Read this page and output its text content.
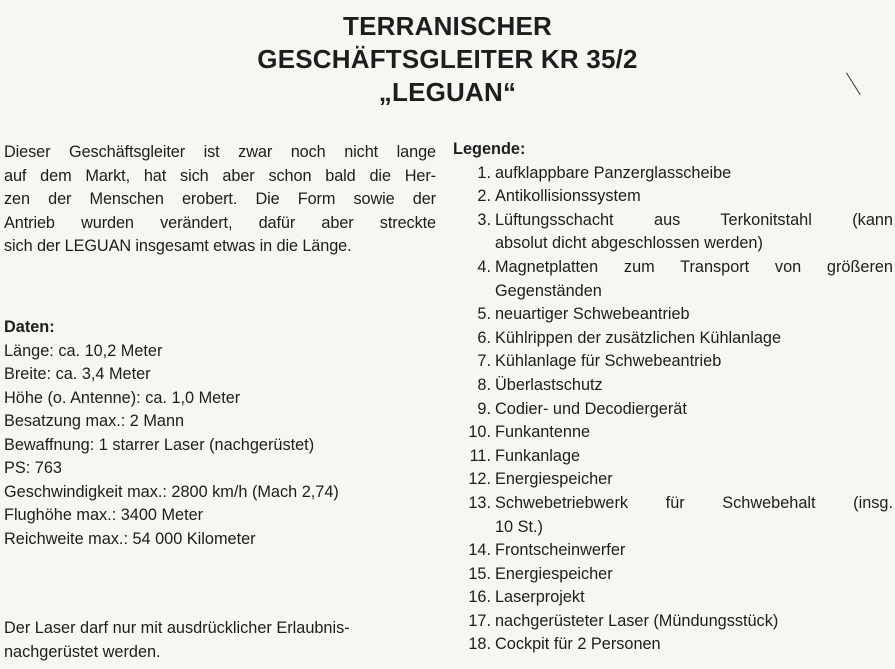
TERRANISCHER
GESCHÄFTSGLEITER KR 35/2
„LEGUAN“
Dieser Geschäftsgleiter ist zwar noch nicht lange
auf dem Markt, hat sich aber schon bald die Her-
zen der Menschen erobert. Die Form sowie der
Antrieb wurden verändert, dafür aber streckte
sich der LEGUAN insgesamt etwas in die Länge.
Daten:
Länge: ca. 10,2 Meter
Breite: ca. 3,4 Meter
Höhe (o. Antenne): ca. 1,0 Meter
Besatzung max.: 2 Mann
Bewaffnung: 1 starrer Laser (nachgerüstet)
PS: 763
Geschwindigkeit max.: 2800 km/h (Mach 2,74)
Flughöhe max.: 3400 Meter
Reichweite max.: 54 000 Kilometer
Der Laser darf nur mit ausdrücklicher Erlaubnis-
nachgerüstet werden.
Legende:
1. aufklappbare Panzerglasscheibe
2. Antikollisionssystem
3. Lüftungsschacht aus Terkonitstahl (kann
absolut dicht abgeschlossen werden)
4. Magnetplatten zum Transport von größeren
Gegenständen
5. neuartiger Schwebeantrieb
6. Kühlrippen der zusätzlichen Kühlanlage
7. Kühlanlage für Schwebeantrieb
8. Überlastschutz
9. Codier- und Decodiergerät
10. Funkantenne
11. Funkanlage
12. Energiespeicher
13. Schwebetriebwerk für Schwebehalt (insg.
10 St.)
14. Frontscheinwerfer
15. Energiespeicher
16. Laserprojekt
17. nachgerüsteter Laser (Mündungsstück)
18. Cockpit für 2 Personen
